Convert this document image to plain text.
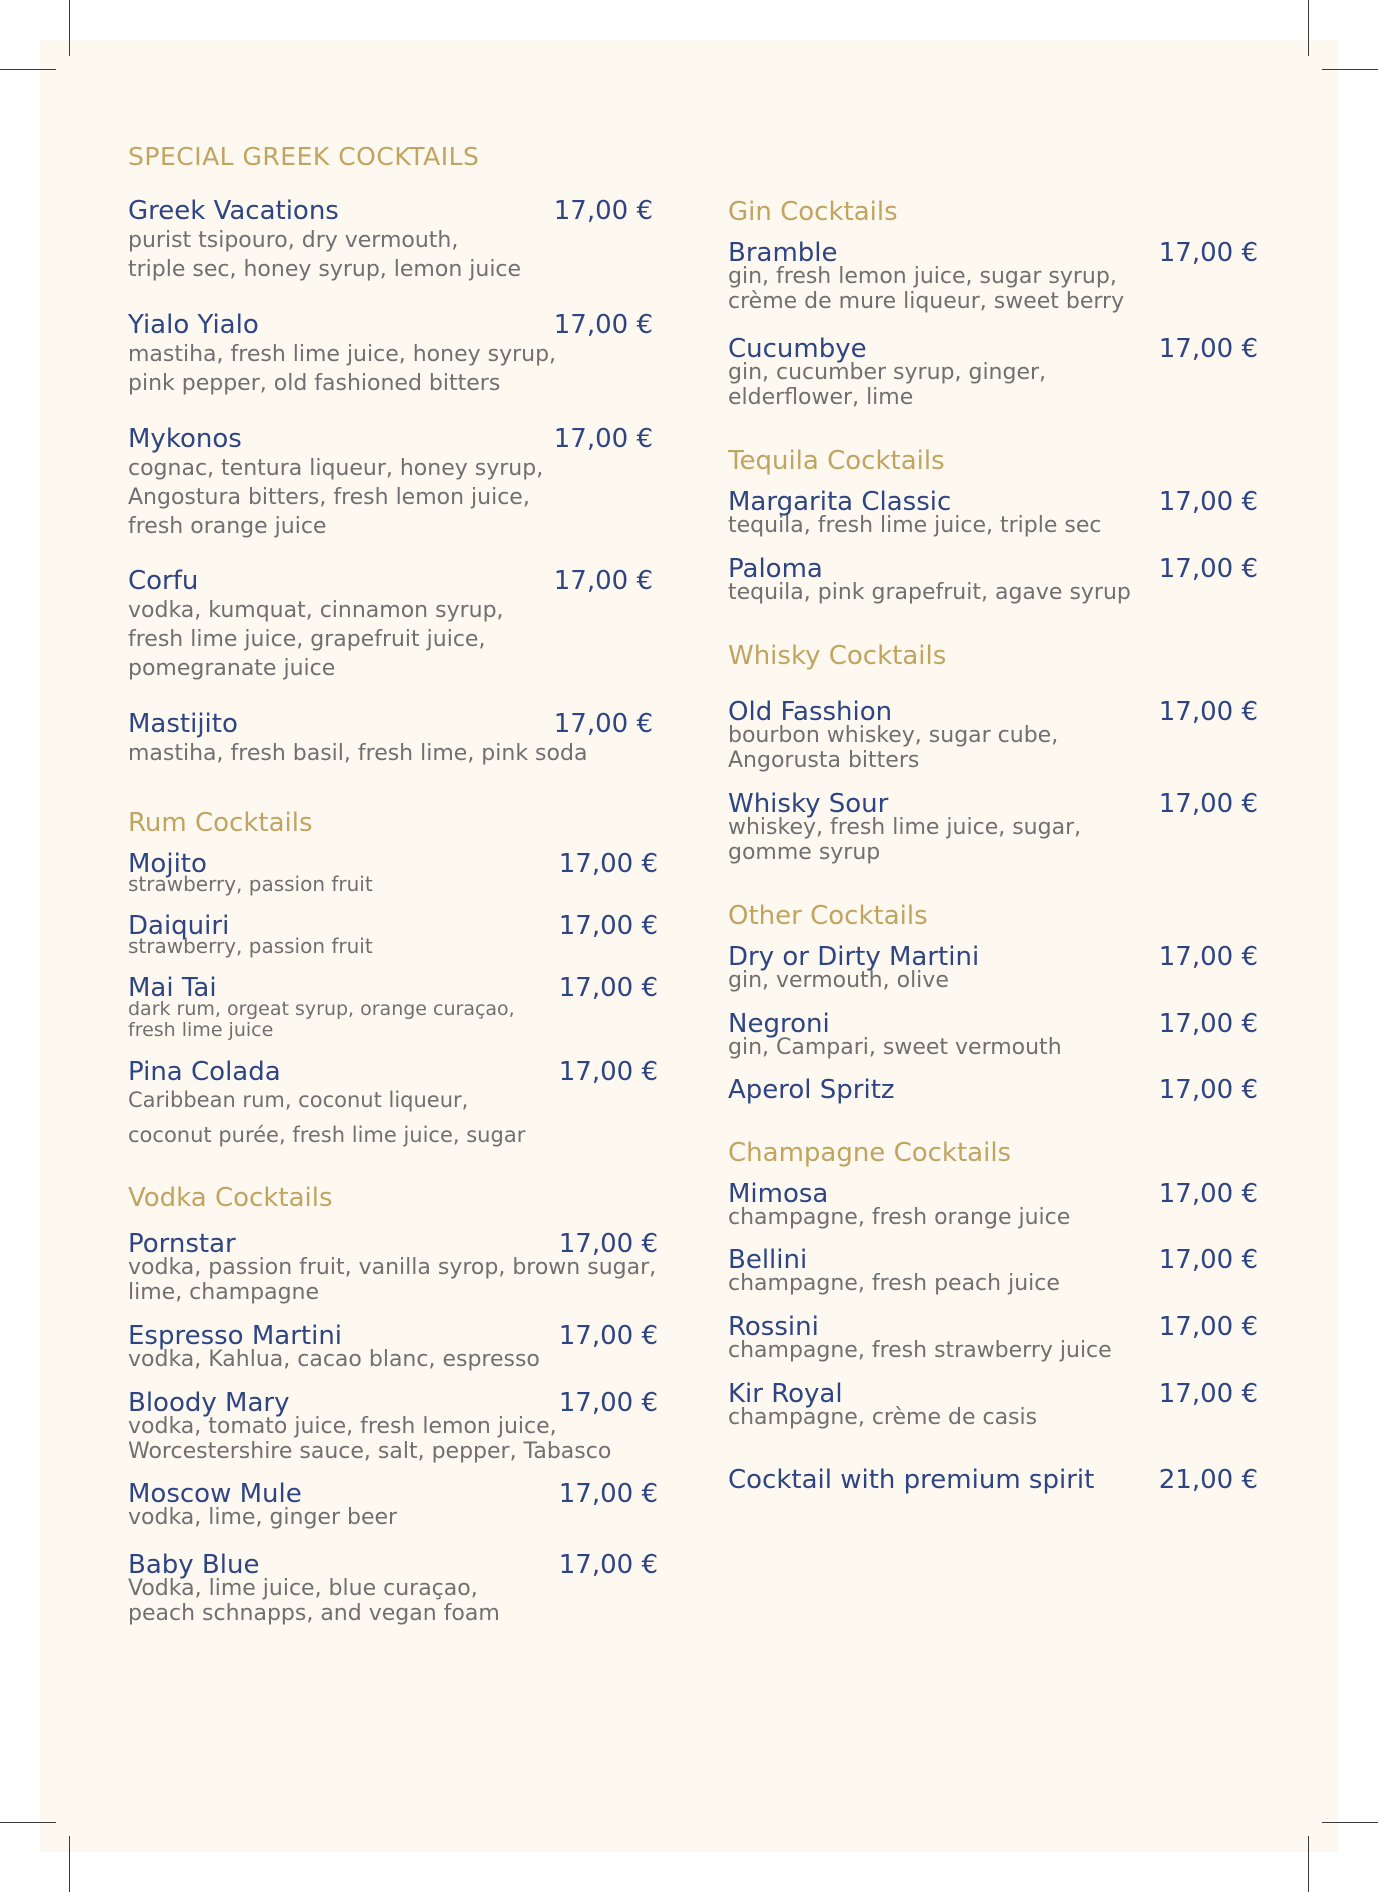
SPECIAL GREEK COCKTAILS
Greek Vacations	17,00 €
purist tsipouro, dry vermouth,
triple sec, honey syrup, lemon juice
Yialo Yialo	17,00 €
mastiha, fresh lime juice, honey syrup,
pink pepper, old fashioned bitters
Mykonos	17,00 €
cognac, tentura liqueur, honey syrup,
Angostura bitters, fresh lemon juice,
fresh orange juice
Corfu	17,00 €
vodka, kumquat, cinnamon syrup,
fresh lime juice, grapefruit juice,
pomegranate juice
Mastijito	17,00 €
mastiha, fresh basil, fresh lime, pink soda
Rum Cocktails
Mojito	17,00 €
strawberry, passion fruit
Daiquiri	17,00 €
strawberry, passion fruit
Mai Tai	17,00 €
dark rum, orgeat syrup, orange curaçao,
fresh lime juice
Pina Colada	17,00 €
Caribbean rum, coconut liqueur,
coconut purée, fresh lime juice, sugar
Vodka Cocktails
Pornstar	17,00 €
vodka, passion fruit, vanilla syrop, brown sugar,
lime, champagne
Espresso Martini	17,00 €
vodka, Kahlua, cacao blanc, espresso
Bloody Mary	17,00 €
vodka, tomato juice, fresh lemon juice,
Worcestershire sauce, salt, pepper, Tabasco
Moscow Mule	17,00 €
vodka, lime, ginger beer
Baby Blue	17,00 €
Vodka, lime juice, blue curaçao,
peach schnapps, and vegan foam
Gin Cocktails
Bramble	17,00 €
gin, fresh lemon juice, sugar syrup,
crème de mure liqueur, sweet berry
Cucumbye	17,00 €
gin, cucumber syrup, ginger,
elderflower, lime
Tequila Cocktails
Margarita Classic	17,00 €
tequila, fresh lime juice, triple sec
Paloma	17,00 €
tequila, pink grapefruit, agave syrup
Whisky Cocktails
Old Fasshion	17,00 €
bourbon whiskey, sugar cube,
Angorusta bitters
Whisky Sour	17,00 €
whiskey, fresh lime juice, sugar,
gomme syrup
Other Cocktails
Dry or Dirty Martini	17,00 €
gin, vermouth, olive
Negroni	17,00 €
gin, Campari, sweet vermouth
Aperol Spritz	17,00 €
Champagne Cocktails
Mimosa	17,00 €
champagne, fresh orange juice
Bellini	17,00 €
champagne, fresh peach juice
Rossini	17,00 €
champagne, fresh strawberry juice
Kir Royal	17,00 €
champagne, crème de casis
Cocktail with premium spirit 21,00 €
